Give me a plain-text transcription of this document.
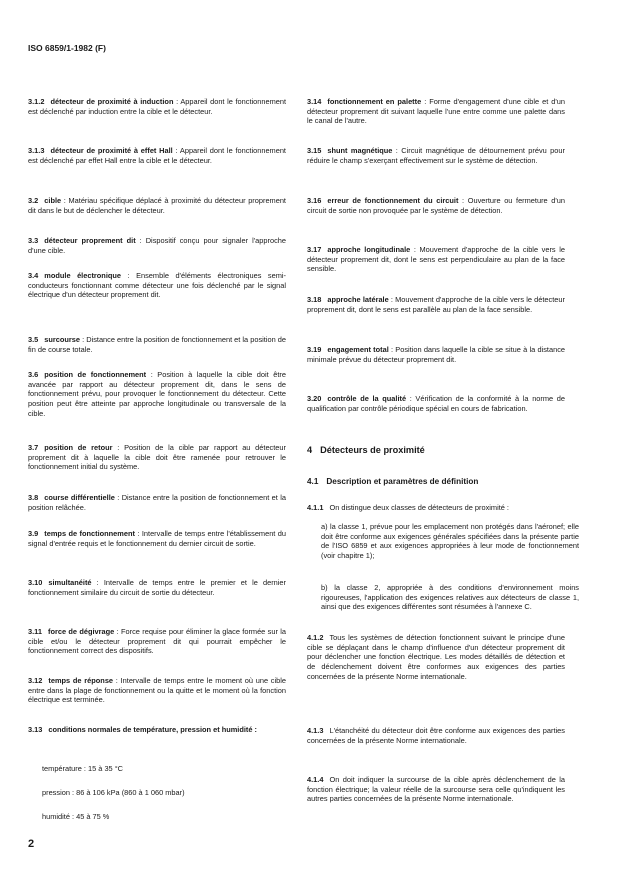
ISO 6859/1-1982 (F)
3.1.2 détecteur de proximité à induction : Appareil dont le fonctionnement est déclenché par induction entre la cible et le détecteur.
3.1.3 détecteur de proximité à effet Hall : Appareil dont le fonctionnement est déclenché par effet Hall entre la cible et le détecteur.
3.2 cible : Matériau spécifique déplacé à proximité du détecteur proprement dit dans le but de déclencher le détecteur.
3.3 détecteur proprement dit : Dispositif conçu pour signaler l'approche d'une cible.
3.4 module électronique : Ensemble d'éléments électroniques semi-conducteurs fonctionnant comme détecteur une fois déclenché par le signal électrique d'un détecteur proprement dit.
3.5 surcourse : Distance entre la position de fonctionnement et la position de fin de course totale.
3.6 position de fonctionnement : Position à laquelle la cible doit être avancée par rapport au détecteur proprement dit, dans le sens de fonctionnement prévu, pour provoquer le fonctionnement du détecteur. Cette position peut être atteinte par approche longitudinale ou transversale de la cible.
3.7 position de retour : Position de la cible par rapport au détecteur proprement dit à laquelle la cible doit être ramenée pour retrouver le fonctionnement initial du système.
3.8 course différentielle : Distance entre la position de fonctionnement et la position relâchée.
3.9 temps de fonctionnement : Intervalle de temps entre l'établissement du signal d'entrée requis et le fonctionnement du dernier circuit de sortie.
3.10 simultanéité : Intervalle de temps entre le premier et le dernier fonctionnement similaire du circuit de sortie du détecteur.
3.11 force de dégivrage : Force requise pour éliminer la glace formée sur la cible et/ou le détecteur proprement dit qui pourrait empêcher le fonctionnement correct des dispositifs.
3.12 temps de réponse : Intervalle de temps entre le moment où une cible entre dans la plage de fonctionnement ou la quitte et le moment où la fonction électrique est terminée.
3.13 conditions normales de température, pression et humidité :
température : 15 à 35 °C
pression : 86 à 106 kPa (860 à 1 060 mbar)
humidité : 45 à 75 %
3.14 fonctionnement en palette : Forme d'engagement d'une cible et d'un détecteur proprement dit suivant laquelle l'une entre comme une palette dans le canal de l'autre.
3.15 shunt magnétique : Circuit magnétique de détournement prévu pour réduire le champ s'exerçant effectivement sur le système de détection.
3.16 erreur de fonctionnement du circuit : Ouverture ou fermeture d'un circuit de sortie non provoquée par le système de détection.
3.17 approche longitudinale : Mouvement d'approche de la cible vers le détecteur proprement dit, dont le sens est perpendiculaire au plan de la face sensible.
3.18 approche latérale : Mouvement d'approche de la cible vers le détecteur proprement dit, dont le sens est parallèle au plan de la face sensible.
3.19 engagement total : Position dans laquelle la cible se situe à la distance minimale prévue du détecteur proprement dit.
3.20 contrôle de la qualité : Vérification de la conformité à la norme de qualification par contrôle périodique spécial en cours de fabrication.
4 Détecteurs de proximité
4.1 Description et paramètres de définition
4.1.1 On distingue deux classes de détecteurs de proximité :
a) la classe 1, prévue pour les emplacement non protégés dans l'aéronef; elle doit être conforme aux exigences générales spécifiées dans la présente partie de l'ISO 6859 et aux exigences appropriées à leur mode de fonctionnement (voir chapitre 1);
b) la classe 2, appropriée à des conditions d'environnement moins rigoureuses, l'application des exigences relatives aux détecteurs de classe 1, ainsi que des exigences différentes sont résumées à l'annexe C.
4.1.2 Tous les systèmes de détection fonctionnent suivant le principe d'une cible se déplaçant dans le champ d'influence d'un détecteur proprement dit pour déclencher une fonction électrique. Les modes détaillés de détection et de déclenchement doivent être conformes aux exigences des parties concernées de la présente Norme internationale.
4.1.3 L'étanchéité du détecteur doit être conforme aux exigences des parties concernées de la présente Norme internationale.
4.1.4 On doit indiquer la surcourse de la cible après déclenchement de la fonction électrique; la valeur réelle de la surcourse sera celle qu'indiquent les autres parties concernées de la présente Norme internationale.
2
